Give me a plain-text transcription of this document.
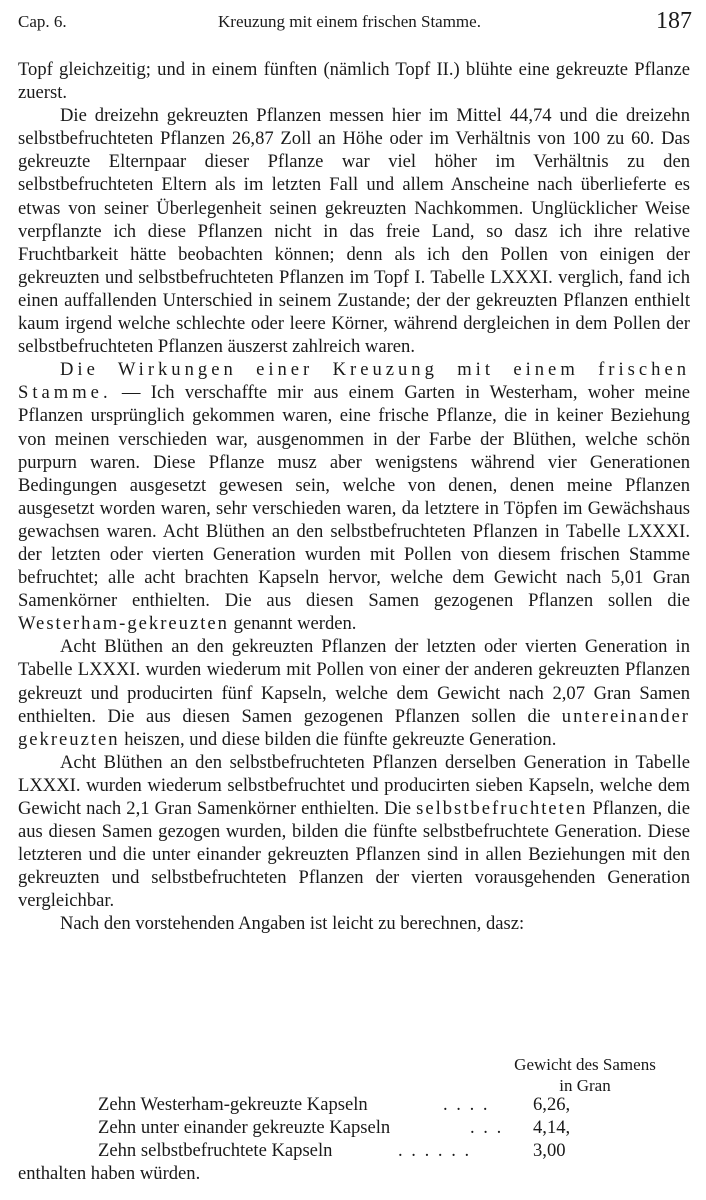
Cap. 6.	Kreuzung mit einem frischen Stamme.	187

Topf gleichzeitig; und in einem fünften (nämlich Topf II.) blühte eine gekreuzte Pflanze zuerst.

Die dreizehn gekreuzten Pflanzen messen hier im Mittel 44,74 und die dreizehn selbstbefruchteten Pflanzen 26,87 Zoll an Höhe oder im Verhältnis von 100 zu 60. Das gekreuzte Elternpaar dieser Pflanze war viel höher im Verhältnis zu den selbstbefruchteten Eltern als im letzten Fall und allem Anscheine nach überlieferte es etwas von seiner Überlegenheit seinen gekreuzten Nachkommen. Unglücklicher Weise verpflanzte ich diese Pflanzen nicht in das freie Land, so dasz ich ihre relative Fruchtbarkeit hätte beobachten können; denn als ich den Pollen von einigen der gekreuzten und selbstbefruchteten Pflanzen im Topf I. Tabelle LXXXI. verglich, fand ich einen auffallenden Unterschied in seinem Zustande; der der gekreuzten Pflanzen enthielt kaum irgend welche schlechte oder leere Körner, während dergleichen in dem Pollen der selbstbefruchteten Pflanzen äuszerst zahlreich waren.

Die Wirkungen einer Kreuzung mit einem frischen Stamme. — Ich verschaffte mir aus einem Garten in Westerham, woher meine Pflanzen ursprünglich gekommen waren, eine frische Pflanze, die in keiner Beziehung von meinen verschieden war, ausgenommen in der Farbe der Blüthen, welche schön purpurn waren. Diese Pflanze musz aber wenigstens während vier Generationen Bedingungen ausgesetzt gewesen sein, welche von denen, denen meine Pflanzen ausgesetzt worden waren, sehr verschieden waren, da letztere in Töpfen im Gewächshaus gewachsen waren. Acht Blüthen an den selbstbefruchteten Pflanzen in Tabelle LXXXI. der letzten oder vierten Generation wurden mit Pollen von diesem frischen Stamme befruchtet; alle acht brachten Kapseln hervor, welche dem Gewicht nach 5,01 Gran Samenkörner enthielten. Die aus diesen Samen gezogenen Pflanzen sollen die Westerham-gekreuzten genannt werden.

Acht Blüthen an den gekreuzten Pflanzen der letzten oder vierten Generation in Tabelle LXXXI. wurden wiederum mit Pollen von einer der anderen gekreuzten Pflanzen gekreuzt und producirten fünf Kapseln, welche dem Gewicht nach 2,07 Gran Samen enthielten. Die aus diesen Samen gezogenen Pflanzen sollen die untereinander gekreuzten heiszen, und diese bilden die fünfte gekreuzte Generation.

Acht Blüthen an den selbstbefruchteten Pflanzen derselben Generation in Tabelle LXXXI. wurden wiederum selbstbefruchtet und producirten sieben Kapseln, welche dem Gewicht nach 2,1 Gran Samenkörner enthielten. Die selbstbefruchteten Pflanzen, die aus diesen Samen gezogen wurden, bilden die fünfte selbstbefruchtete Generation. Diese letzteren und die unter einander gekreuzten Pflanzen sind in allen Beziehungen mit den gekreuzten und selbstbefruchteten Pflanzen der vierten vorausgehenden Generation vergleichbar.

Nach den vorstehenden Angaben ist leicht zu berechnen, dasz:

Gewicht des Samens
in Gran
Zehn Westerham-gekreuzte Kapseln	. . . .	6,26,
Zehn unter einander gekreuzte Kapseln	. . .	4,14,
Zehn selbstbefruchtete Kapseln	. . . . . .	3,00
enthalten haben würden.
